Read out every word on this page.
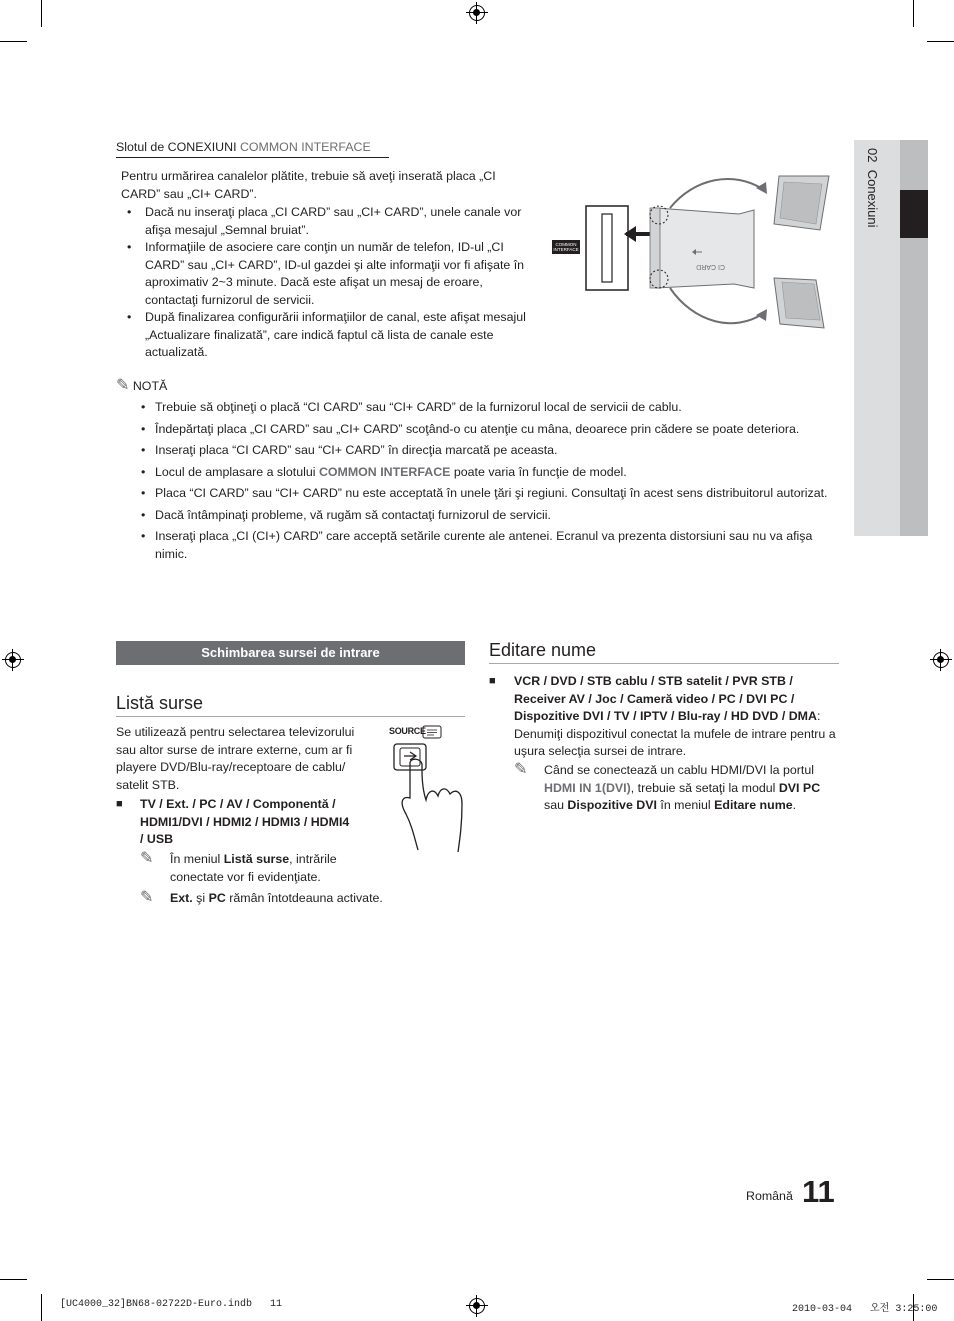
02  Conexiuni
Slotul de CONEXIUNI COMMON INTERFACE
Pentru urmărirea canalelor plătite, trebuie să aveţi inserată placa „CI CARD” sau „CI+ CARD”.
• Dacă nu inseraţi placa „CI CARD” sau „CI+ CARD”, unele canale vor afişa mesajul „Semnal bruiat”.
• Informaţiile de asociere care conţin un număr de telefon, ID-ul „CI CARD” sau „CI+ CARD”, ID-ul gazdei şi alte informaţii vor fi afişate în aproximativ 2~3 minute. Dacă este afişat un mesaj de eroare, contactaţi furnizorul de servicii.
• După finalizarea configurării informaţiilor de canal, este afişat mesajul „Actualizare finalizată”, care indică faptul că lista de canale este actualizată.
COMMON INTERFACE
CI CARD
✎ NOTĂ
• Trebuie să obţineţi o placă “CI CARD” sau “CI+ CARD” de la furnizorul local de servicii de cablu.
• Îndepărtaţi placa „CI CARD” sau „CI+ CARD” scoţând-o cu atenţie cu mâna, deoarece prin cădere se poate deteriora.
• Inseraţi placa “CI CARD” sau “CI+ CARD” în direcţia marcată pe aceasta.
• Locul de amplasare a slotului COMMON INTERFACE poate varia în funcţie de model.
• Placa “CI CARD” sau “CI+ CARD” nu este acceptată în unele ţări şi regiuni. Consultaţi în acest sens distribuitorul autorizat.
• Dacă întâmpinaţi probleme, vă rugăm să contactaţi furnizorul de servicii.
• Inseraţi placa „CI (CI+) CARD” care acceptă setările curente ale antenei. Ecranul va prezenta distorsiuni sau nu va afişa nimic.
Schimbarea sursei de intrare
Listă surse
Se utilizează pentru selectarea televizorului sau altor surse de intrare externe, cum ar fi playere DVD/Blu-ray/receptoare de cablu/ satelit STB.
■ TV / Ext. / PC / AV / Componentă / HDMI1/DVI / HDMI2 / HDMI3 / HDMI4 / USB
✎ În meniul Listă surse, intrările conectate vor fi evidenţiate.
✎ Ext. şi PC rămân întotdeauna activate.
SOURCE
Editare nume
■ VCR / DVD / STB cablu / STB satelit / PVR STB / Receiver AV / Joc / Cameră video / PC / DVI PC / Dispozitive DVI / TV / IPTV / Blu-ray / HD DVD / DMA: Denumiţi dispozitivul conectat la mufele de intrare pentru a uşura selecţia sursei de intrare.
✎ Când se conectează un cablu HDMI/DVI la portul HDMI IN 1(DVI), trebuie să setaţi la modul DVI PC sau Dispozitive DVI în meniul Editare nume.
Română 11
[UC4000_32]BN68-02722D-Euro.indb   11	2010-03-04   오전 3:25:00
